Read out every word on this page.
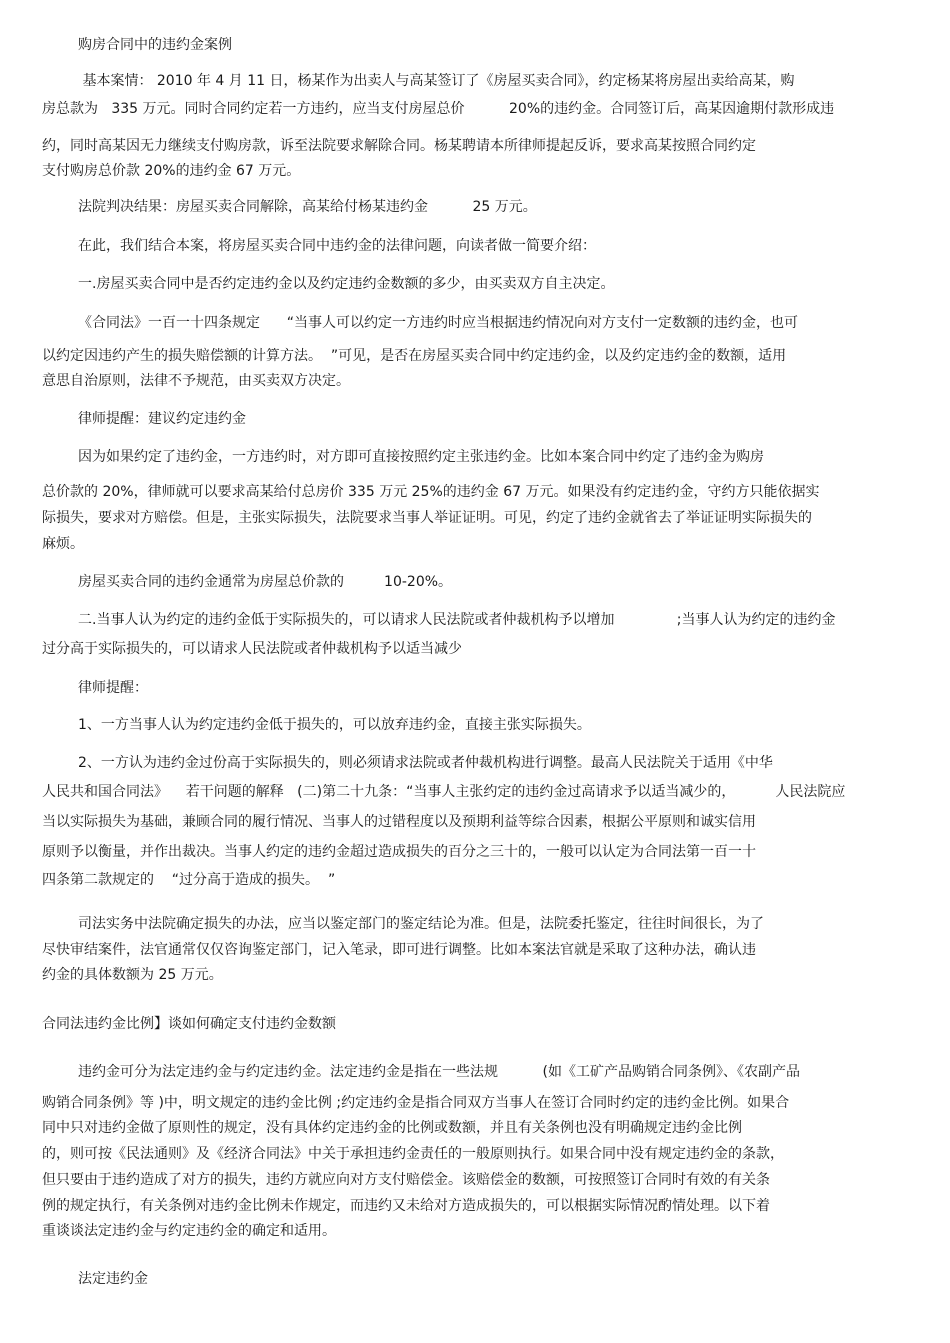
购房合同中的违约金案例
基本案情： 2010 年 4 月 11 日，杨某作为出卖人与高某签订了《房屋买卖合同》，约定杨某将房屋出卖给高某，购
房总款为   335 万元。同时合同约定若一方违约，应当支付房屋总价          20%的违约金。合同签订后，高某因逾期付款形成违
约，同时高某因无力继续支付购房款，诉至法院要求解除合同。杨某聘请本所律师提起反诉，要求高某按照合同约定
支付购房总价款 20%的违约金 67 万元。
法院判决结果：房屋买卖合同解除，高某给付杨某违约金          25 万元。
在此，我们结合本案，将房屋买卖合同中违约金的法律问题，向读者做一简要介绍：
一.房屋买卖合同中是否约定违约金以及约定违约金数额的多少，由买卖双方自主决定。
《合同法》一百一十四条规定      “当事人可以约定一方违约时应当根据违约情况向对方支付一定数额的违约金，也可
以约定因违约产生的损失赔偿额的计算方法。  ”可见，是否在房屋买卖合同中约定违约金，以及约定违约金的数额，适用
意思自治原则，法律不予规范，由买卖双方决定。
律师提醒：建议约定违约金
因为如果约定了违约金，一方违约时，对方即可直接按照约定主张违约金。比如本案合同中约定了违约金为购房
总价款的 20%，律师就可以要求高某给付总房价 335 万元 25%的违约金 67 万元。如果没有约定违约金，守约方只能依据实
际损失，要求对方赔偿。但是，主张实际损失，法院要求当事人举证证明。可见，约定了违约金就省去了举证证明实际损失的
麻烦。
房屋买卖合同的违约金通常为房屋总价款的         10-20%。
二.当事人认为约定的违约金低于实际损失的，可以请求人民法院或者仲裁机构予以增加              ;当事人认为约定的违约金
过分高于实际损失的，可以请求人民法院或者仲裁机构予以适当减少
律师提醒：
1、一方当事人认为约定违约金低于损失的，可以放弃违约金，直接主张实际损失。
2、一方认为违约金过份高于实际损失的，则必须请求法院或者仲裁机构进行调整。最高人民法院关于适用《中华
人民共和国合同法》    若干问题的解释   (二)第二十九条：“当事人主张约定的违约金过高请求予以适当减少的，         人民法院应
当以实际损失为基础，兼顾合同的履行情况、当事人的过错程度以及预期利益等综合因素，根据公平原则和诚实信用
原则予以衡量，并作出裁决。当事人约定的违约金超过造成损失的百分之三十的，一般可以认定为合同法第一百一十
四条第二款规定的    “过分高于造成的损失。  ”
司法实务中法院确定损失的办法，应当以鉴定部门的鉴定结论为准。但是，法院委托鉴定，往往时间很长，为了
尽快审结案件，法官通常仅仅咨询鉴定部门，记入笔录，即可进行调整。比如本案法官就是采取了这种办法，确认违
约金的具体数额为 25 万元。
合同法违约金比例】谈如何确定支付违约金数额
违约金可分为法定违约金与约定违约金。法定违约金是指在一些法规          (如《工矿产品购销合同条例》、《农副产品
购销合同条例》等 )中，明文规定的违约金比例 ;约定违约金是指合同双方当事人在签订合同时约定的违约金比例。如果合
同中只对违约金做了原则性的规定，没有具体约定违约金的比例或数额，并且有关条例也没有明确规定违约金比例
的，则可按《民法通则》及《经济合同法》中关于承担违约金责任的一般原则执行。如果合同中没有规定违约金的条款，
但只要由于违约造成了对方的损失，违约方就应向对方支付赔偿金。该赔偿金的数额，可按照签订合同时有效的有关条
例的规定执行，有关条例对违约金比例未作规定，而违约又未给对方造成损失的，可以根据实际情况酌情处理。以下着
重谈谈法定违约金与约定违约金的确定和适用。
法定违约金
